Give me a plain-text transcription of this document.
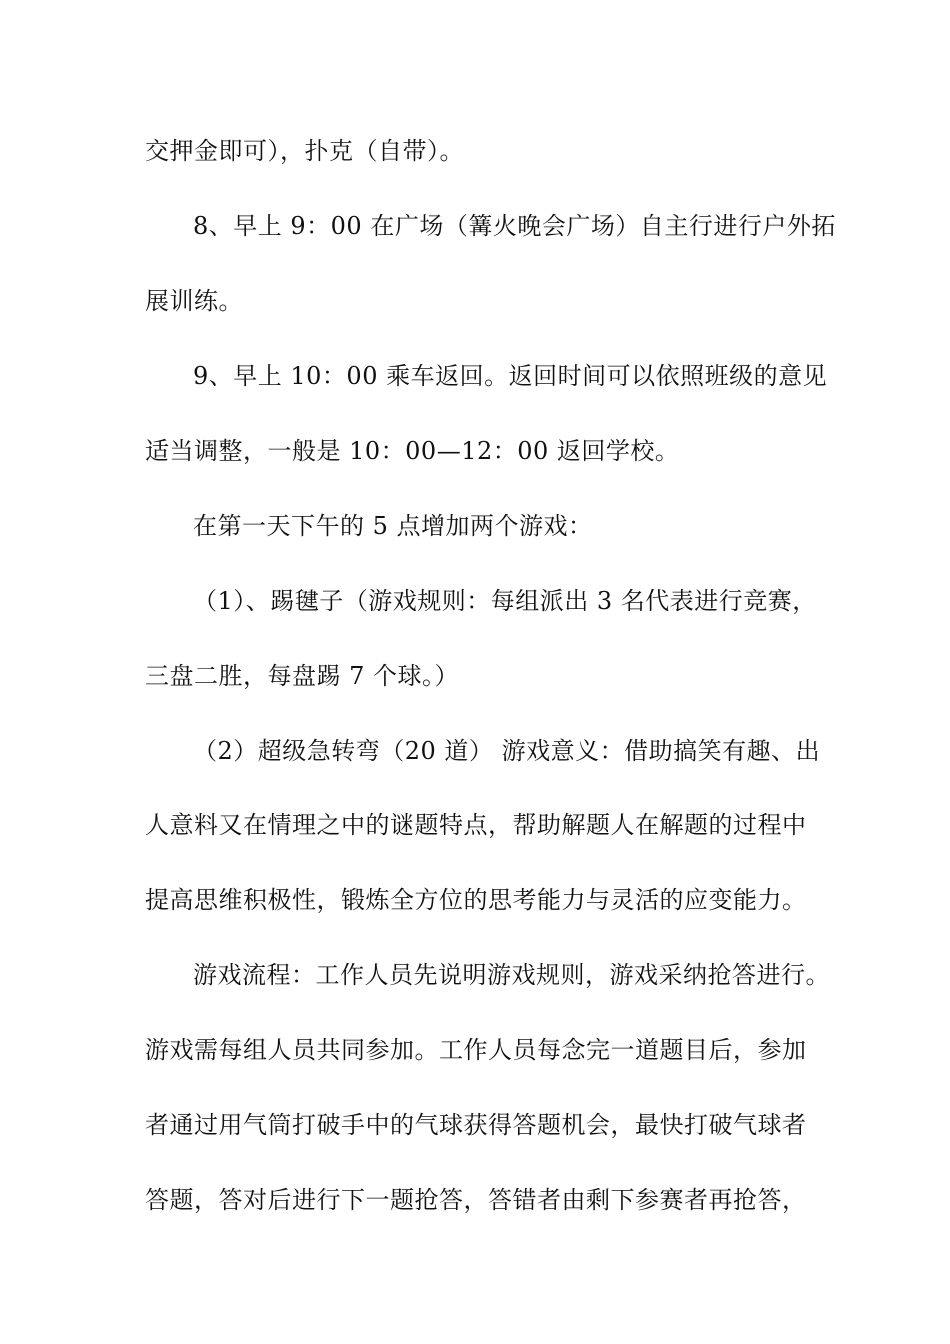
交押金即可），扑克（自带）。
8、早上 9：00 在广场（篝火晚会广场）自主行进行户外拓
展训练。
9、早上 10：00 乘车返回。返回时间可以依照班级的意见
适当调整，一般是 10：00—12：00 返回学校。
在第一天下午的 5 点增加两个游戏：
（1）、踢毽子（游戏规则：每组派出 3 名代表进行竞赛，
三盘二胜，每盘踢 7 个球。）
（2）超级急转弯（20 道） 游戏意义：借助搞笑有趣、出
人意料又在情理之中的谜题特点，帮助解题人在解题的过程中
提高思维积极性，锻炼全方位的思考能力与灵活的应变能力。
游戏流程：工作人员先说明游戏规则，游戏采纳抢答进行。
游戏需每组人员共同参加。工作人员每念完一道题目后，参加
者通过用气筒打破手中的气球获得答题机会，最快打破气球者
答题，答对后进行下一题抢答，答错者由剩下参赛者再抢答，
